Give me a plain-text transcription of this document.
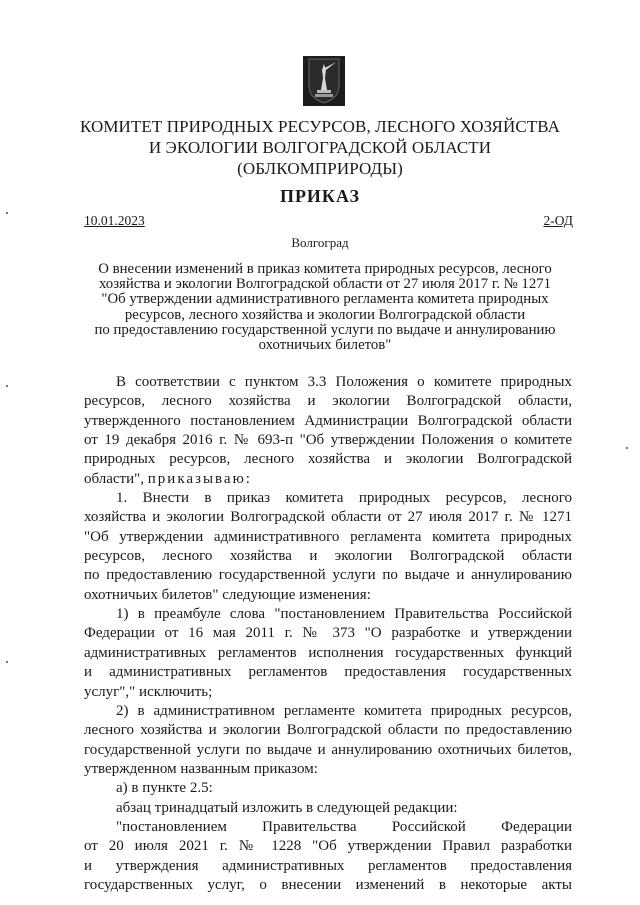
КОМИТЕТ ПРИРОДНЫХ РЕСУРСОВ, ЛЕСНОГО ХОЗЯЙСТВА
И ЭКОЛОГИИ ВОЛГОГРАДСКОЙ ОБЛАСТИ
(ОБЛКОМПРИРОДЫ)
ПРИКАЗ
10.01.2023	2-ОД
Волгоград
О внесении изменений в приказ комитета природных ресурсов, лесного
хозяйства и экологии Волгоградской области от 27 июля 2017 г. № 1271
"Об утверждении административного регламента комитета природных
ресурсов, лесного хозяйства и экологии Волгоградской области
по предоставлению государственной услуги по выдаче и аннулированию
охотничьих билетов"
В соответствии с пунктом 3.3 Положения о комитете природных
ресурсов, лесного хозяйства и экологии Волгоградской области,
утвержденного постановлением Администрации Волгоградской области
от 19 декабря 2016 г. № 693-п "Об утверждении Положения о комитете
природных ресурсов, лесного хозяйства и экологии Волгоградской
области", приказываю:
1. Внести в приказ комитета природных ресурсов, лесного
хозяйства и экологии Волгоградской области от 27 июля 2017 г. № 1271
"Об утверждении административного регламента комитета природных
ресурсов, лесного хозяйства и экологии Волгоградской области
по предоставлению государственной услуги по выдаче и аннулированию
охотничьих билетов" следующие изменения:
1) в преамбуле слова "постановлением Правительства Российской
Федерации от 16 мая 2011 г. № 373 "О разработке и утверждении
административных регламентов исполнения государственных функций
и административных регламентов предоставления государственных
услуг"," исключить;
2) в административном регламенте комитета природных ресурсов,
лесного хозяйства и экологии Волгоградской области по предоставлению
государственной услуги по выдаче и аннулированию охотничьих билетов,
утвержденном названным приказом:
а) в пункте 2.5:
абзац тринадцатый изложить в следующей редакции:
"постановлением Правительства Российской Федерации
от 20 июля 2021 г. № 1228 "Об утверждении Правил разработки
и утверждения административных регламентов предоставления
государственных услуг, о внесении изменений в некоторые акты
